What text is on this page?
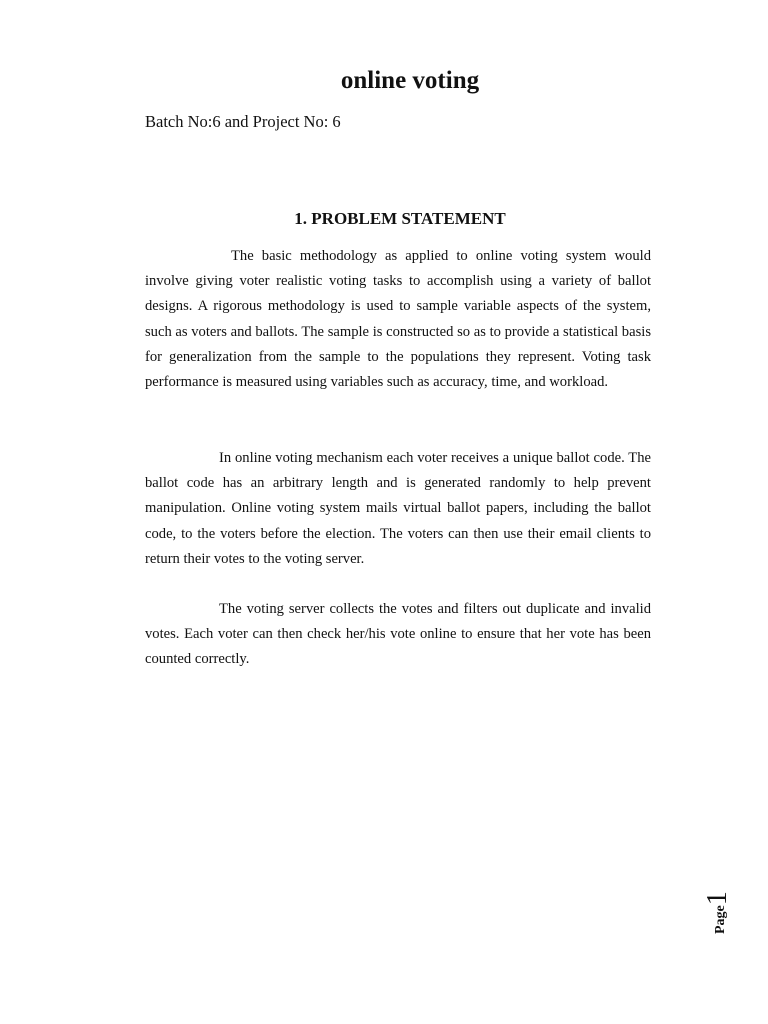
online voting

Batch No:6 and Project No: 6

1. PROBLEM STATEMENT

The basic methodology as applied to online voting system would involve giving voter realistic voting tasks to accomplish using a variety of ballot designs. A rigorous methodology is used to sample variable aspects of the system, such as voters and ballots. The sample is constructed so as to provide a statistical basis for generalization from the sample to the populations they represent. Voting task performance is measured using variables such as accuracy, time, and workload.

In online voting mechanism each voter receives a unique ballot code. The ballot code has an arbitrary length and is generated randomly to help prevent manipulation. Online voting system mails virtual ballot papers, including the ballot code, to the voters before the election. The voters can then use their email clients to return their votes to the voting server.

The voting server collects the votes and filters out duplicate and invalid votes. Each voter can then check her/his vote online to ensure that her vote has been counted correctly.

Page1
